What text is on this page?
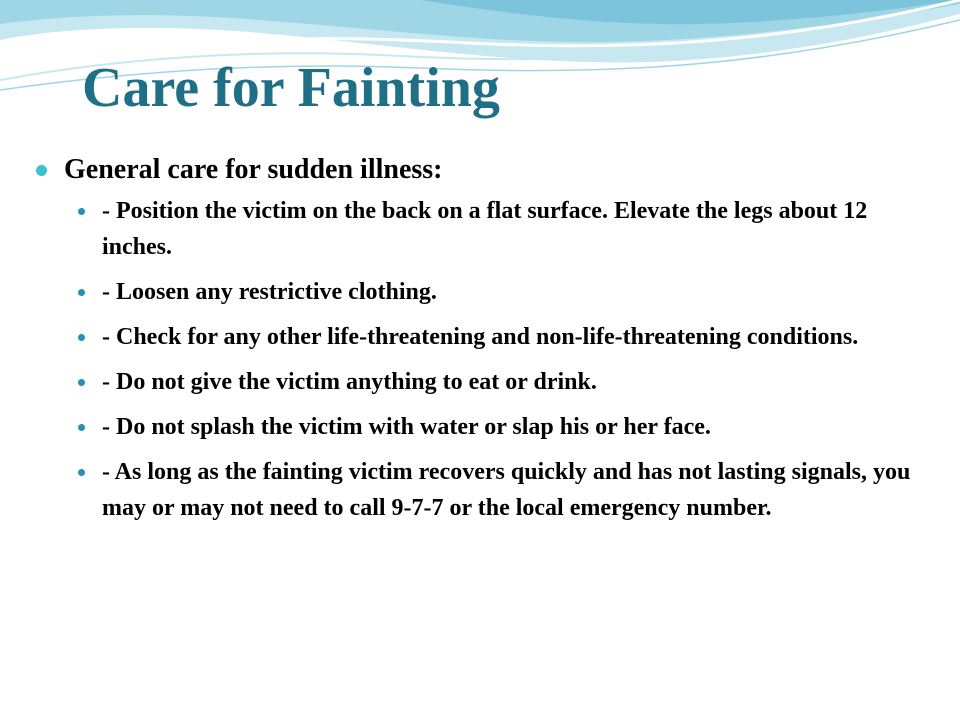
Care for Fainting
General care for sudden illness:
- Position the victim on the back on a flat surface. Elevate the legs about 12 inches.
- Loosen any restrictive clothing.
- Check for any other life-threatening and non-life-threatening conditions.
- Do not give the victim anything to eat or drink.
- Do not splash the victim with water or slap his or her face.
- As long as the fainting victim recovers quickly and has not lasting signals, you may or may not need to call 9-7-7 or the local emergency number.
